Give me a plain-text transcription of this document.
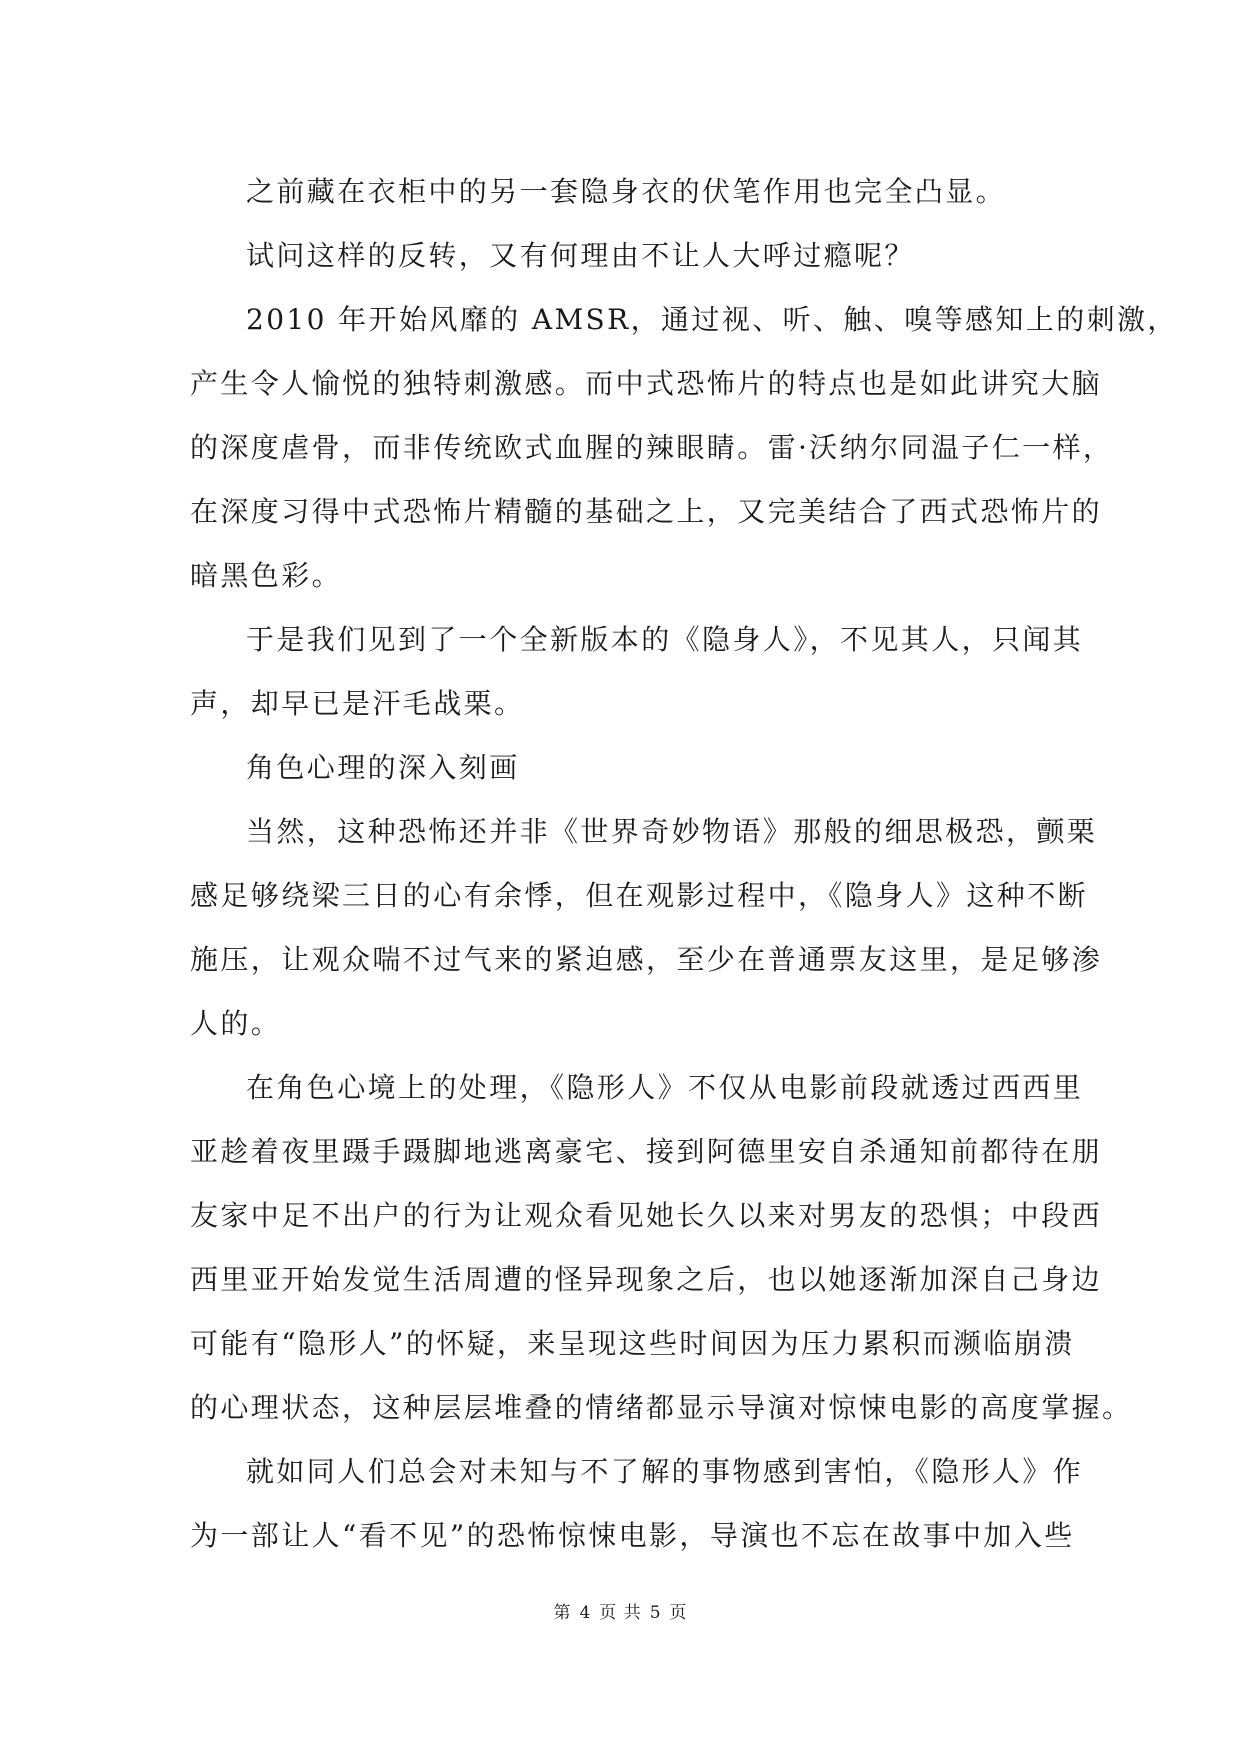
之前藏在衣柜中的另一套隐身衣的伏笔作用也完全凸显。
试问这样的反转，又有何理由不让人大呼过瘾呢？
2010 年开始风靡的 AMSR，通过视、听、触、嗅等感知上的刺激，
产生令人愉悦的独特刺激感。而中式恐怖片的特点也是如此讲究大脑
的深度虐骨，而非传统欧式血腥的辣眼睛。雷·沃纳尔同温子仁一样，
在深度习得中式恐怖片精髓的基础之上，又完美结合了西式恐怖片的
暗黑色彩。
于是我们见到了一个全新版本的《隐身人》，不见其人，只闻其
声，却早已是汗毛战栗。
角色心理的深入刻画
当然，这种恐怖还并非《世界奇妙物语》那般的细思极恐，颤栗
感足够绕梁三日的心有余悸，但在观影过程中，《隐身人》这种不断
施压，让观众喘不过气来的紧迫感，至少在普通票友这里，是足够渗
人的。
在角色心境上的处理，《隐形人》不仅从电影前段就透过西西里
亚趁着夜里蹑手蹑脚地逃离豪宅、接到阿德里安自杀通知前都待在朋
友家中足不出户的行为让观众看见她长久以来对男友的恐惧；中段西
西里亚开始发觉生活周遭的怪异现象之后，也以她逐渐加深自己身边
可能有“隐形人”的怀疑，来呈现这些时间因为压力累积而濒临崩溃
的心理状态，这种层层堆叠的情绪都显示导演对惊悚电影的高度掌握。
就如同人们总会对未知与不了解的事物感到害怕，《隐形人》作
为一部让人“看不见”的恐怖惊悚电影，导演也不忘在故事中加入些
第 4 页 共 5 页
